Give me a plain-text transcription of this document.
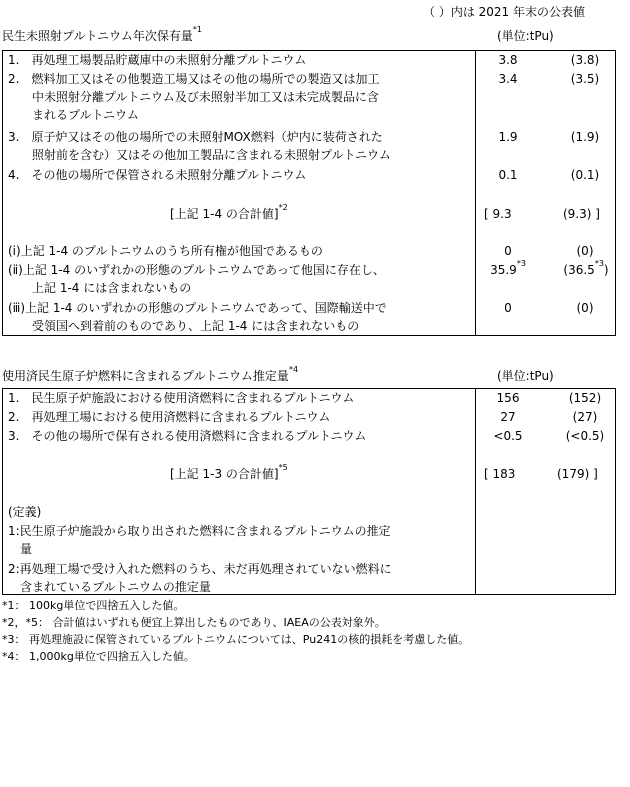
（ ）内は 2021 年末の公表値
民生未照射プルトニウム年次保有量$^{*1}$	(単位:tPu)
1.　再処理工場製品貯蔵庫中の未照射分離プルトニウム	3.8	(3.8)
2.　燃料加工又はその他製造工場又はその他の場所での製造又は加工
　　中未照射分離プルトニウム及び未照射半加工又は未完成製品に含
　　まれるプルトニウム
3.4	(3.5)
3.　原子炉又はその他の場所での未照射MOX燃料（炉内に装荷された
　　照射前を含む）又はその他加工製品に含まれる未照射プルトニウム
1.9	(1.9)
4.　その他の場所で保管される未照射分離プルトニウム	0.1	(0.1)
[上記 1-4 の合計値]$^{*2}$	[ 9.3	(9.3) ]
(ⅰ)上記 1-4 のプルトニウムのうち所有権が他国であるもの	0	(0)
(ⅱ)上記 1-4 のいずれかの形態のプルトニウムであって他国に存在し、
　　上記 1-4 には含まれないもの
35.9$^{*3}$	(36.5$^{*3}$)
(ⅲ)上記 1-4 のいずれかの形態のプルトニウムであって、国際輸送中で
　　受領国へ到着前のものであり、上記 1-4 には含まれないもの
0	(0)
使用済民生原子炉燃料に含まれるプルトニウム推定量$^{*4}$	(単位:tPu)
1.　民生原子炉施設における使用済燃料に含まれるプルトニウム	156	(152)
2.　再処理工場における使用済燃料に含まれるプルトニウム	27	(27)
3.　その他の場所で保有される使用済燃料に含まれるプルトニウム	<0.5	(<0.5)
[上記 1-3 の合計値]$^{*5}$	[ 183	(179) ]
(定義)
1:民生原子炉施設から取り出された燃料に含まれるプルトニウムの推定
　量
2:再処理工場で受け入れた燃料のうち、未だ再処理されていない燃料に
　含まれているプルトニウムの推定量
*1： 100kg単位で四捨五入した値。
*2，*5： 合計値はいずれも便宜上算出したものであり、IAEAの公表対象外。
*3： 再処理施設に保管されているプルトニウムについては、Pu241の核的損耗を考慮した値。
*4： 1,000kg単位で四捨五入した値。
